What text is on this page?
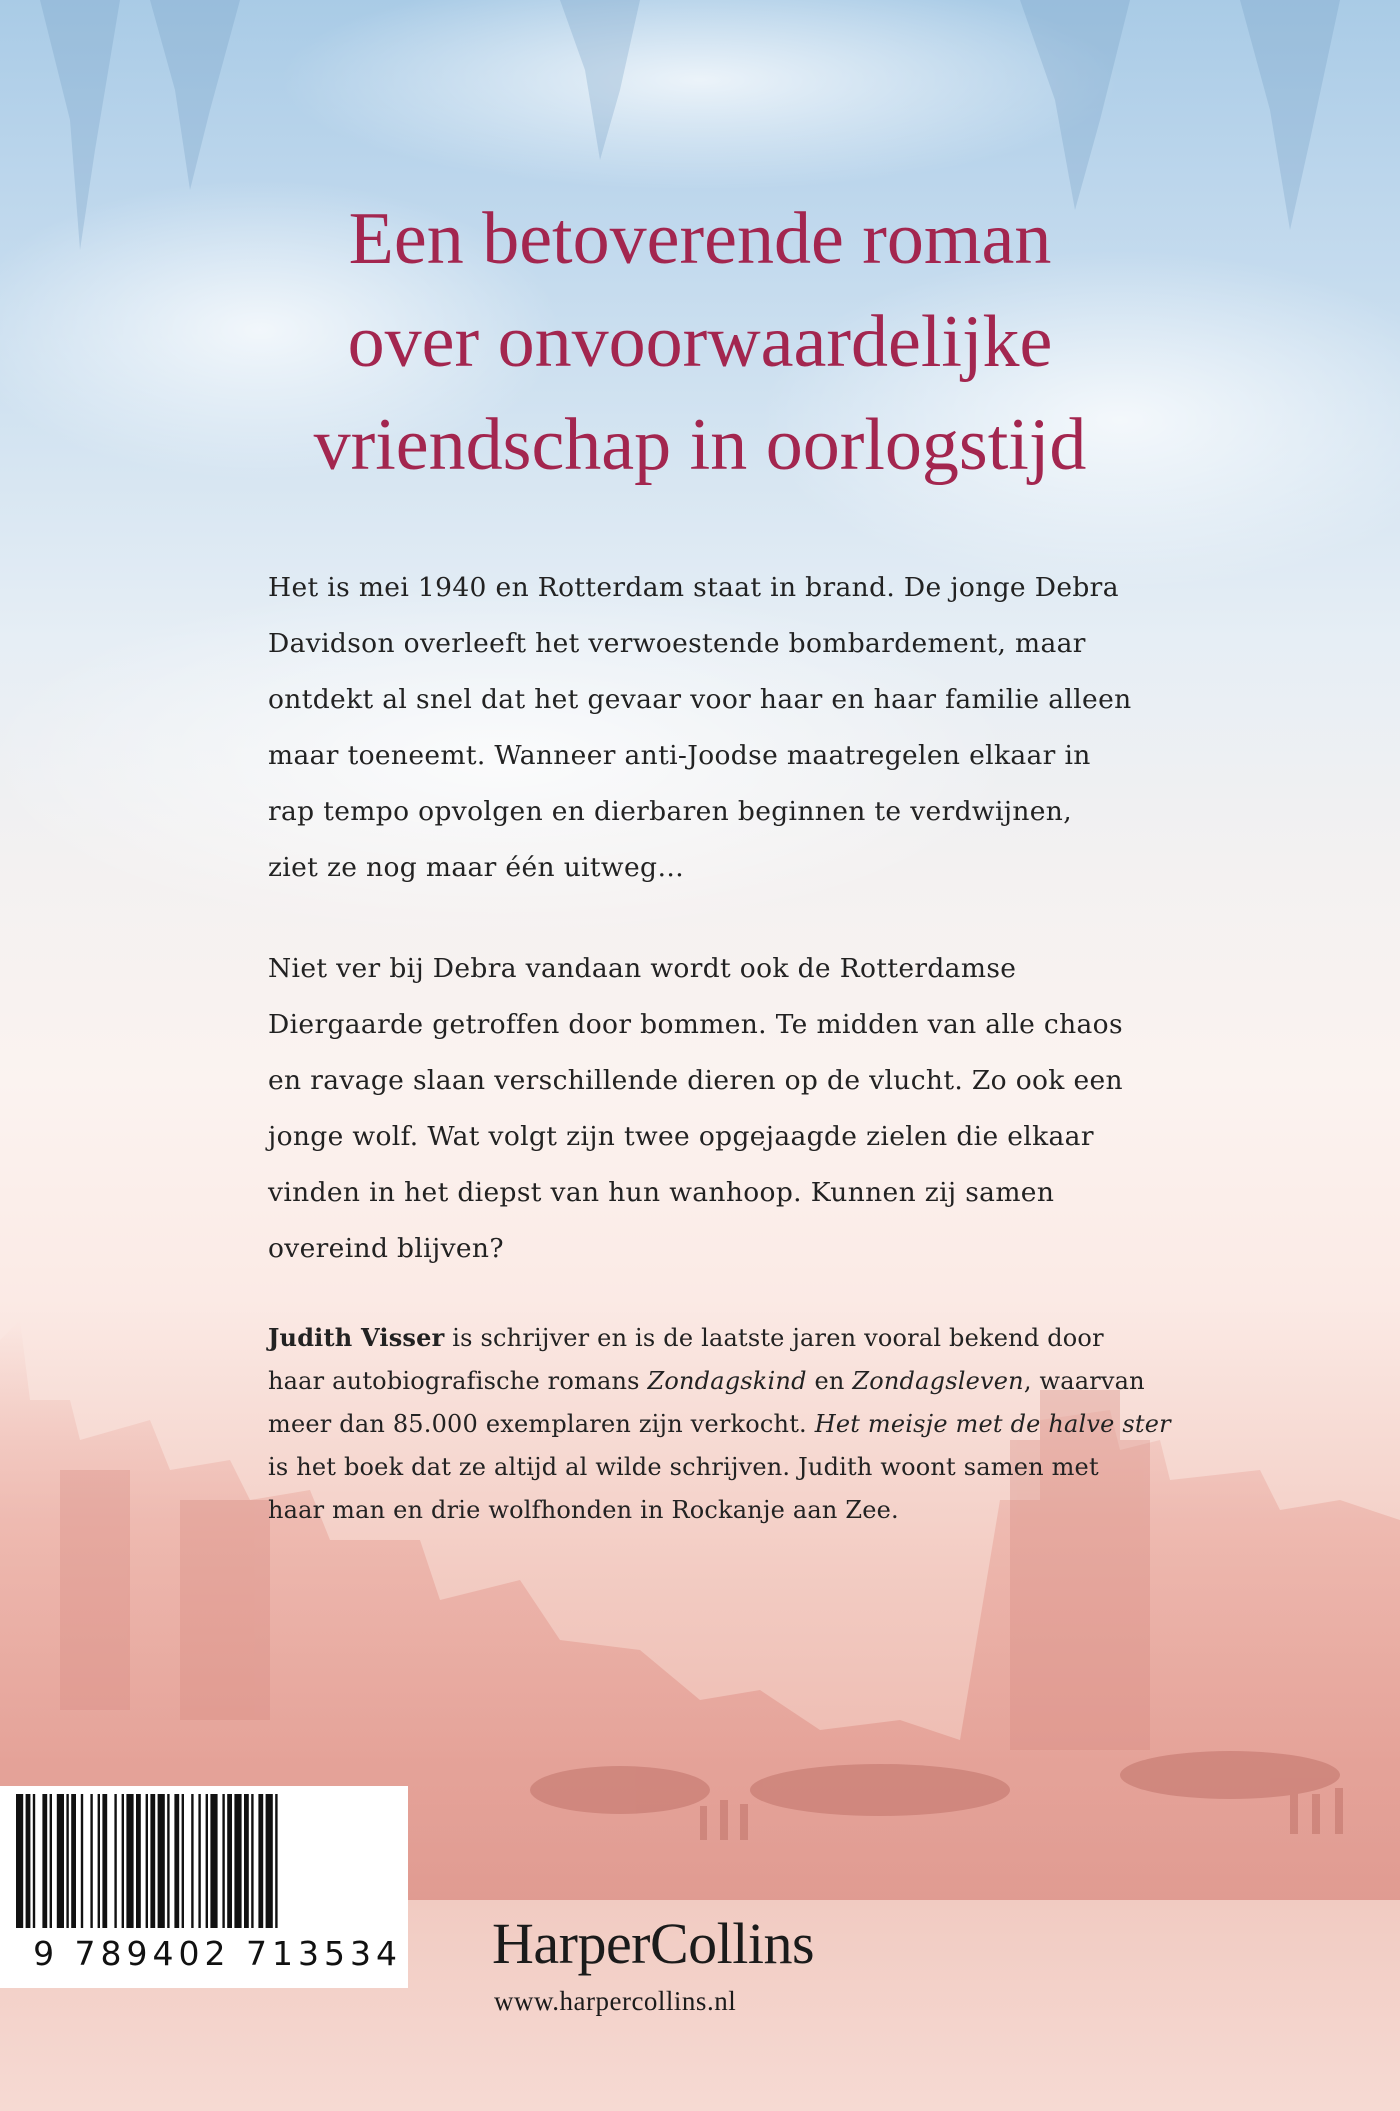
Een betoverende roman
over onvoorwaardelijke
vriendschap in oorlogstijd
Het is mei 1940 en Rotterdam staat in brand. De jonge Debra
Davidson overleeft het verwoestende bombardement, maar
ontdekt al snel dat het gevaar voor haar en haar familie alleen
maar toeneemt. Wanneer anti-Joodse maatregelen elkaar in
rap tempo opvolgen en dierbaren beginnen te verdwijnen,
ziet ze nog maar één uitweg…
Niet ver bij Debra vandaan wordt ook de Rotterdamse
Diergaarde getroffen door bommen. Te midden van alle chaos
en ravage slaan verschillende dieren op de vlucht. Zo ook een
jonge wolf. Wat volgt zijn twee opgejaagde zielen die elkaar
vinden in het diepst van hun wanhoop. Kunnen zij samen
overeind blijven?
Judith Visser is schrijver en is de laatste jaren vooral bekend door
haar autobiografische romans Zondagskind en Zondagsleven, waarvan
meer dan 85.000 exemplaren zijn verkocht. Het meisje met de halve ster
is het boek dat ze altijd al wilde schrijven. Judith woont samen met
haar man en drie wolfhonden in Rockanje aan Zee.
9 789402 713534 HarperCollins
www.harpercollins.nl
